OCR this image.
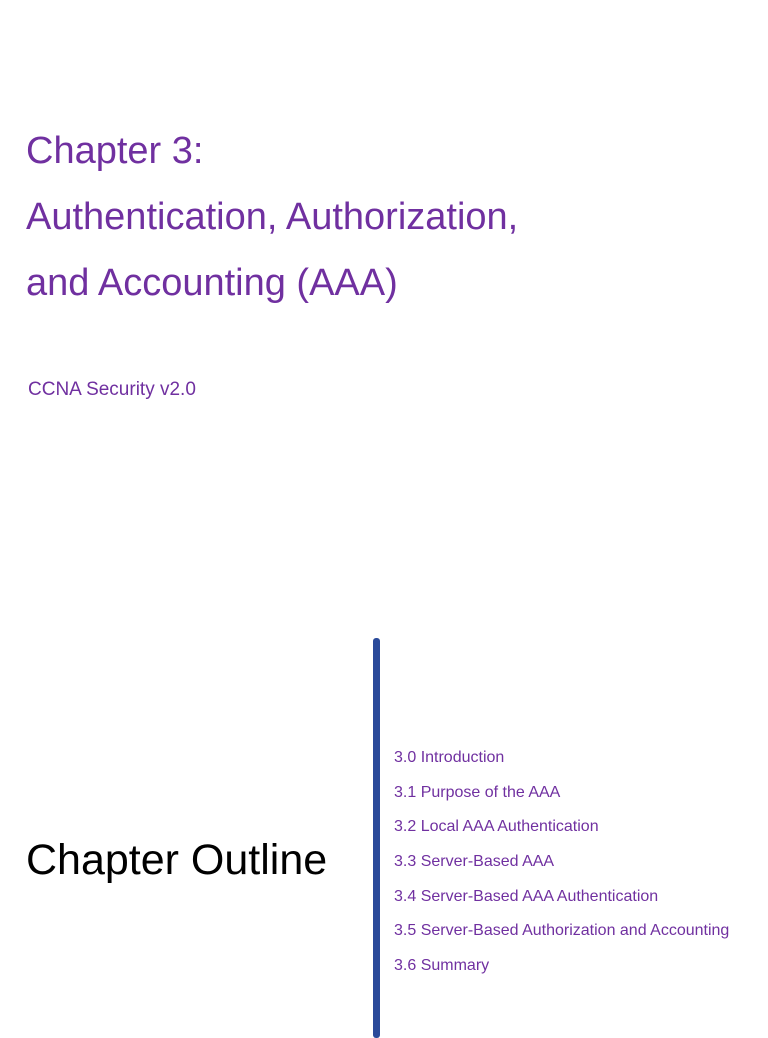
Chapter 3:
Authentication, Authorization,
and Accounting (AAA)
CCNA Security v2.0
Chapter Outline
3.0 Introduction
3.1 Purpose of the AAA
3.2 Local AAA Authentication
3.3 Server-Based AAA
3.4 Server-Based AAA Authentication
3.5 Server-Based Authorization and Accounting
3.6 Summary
